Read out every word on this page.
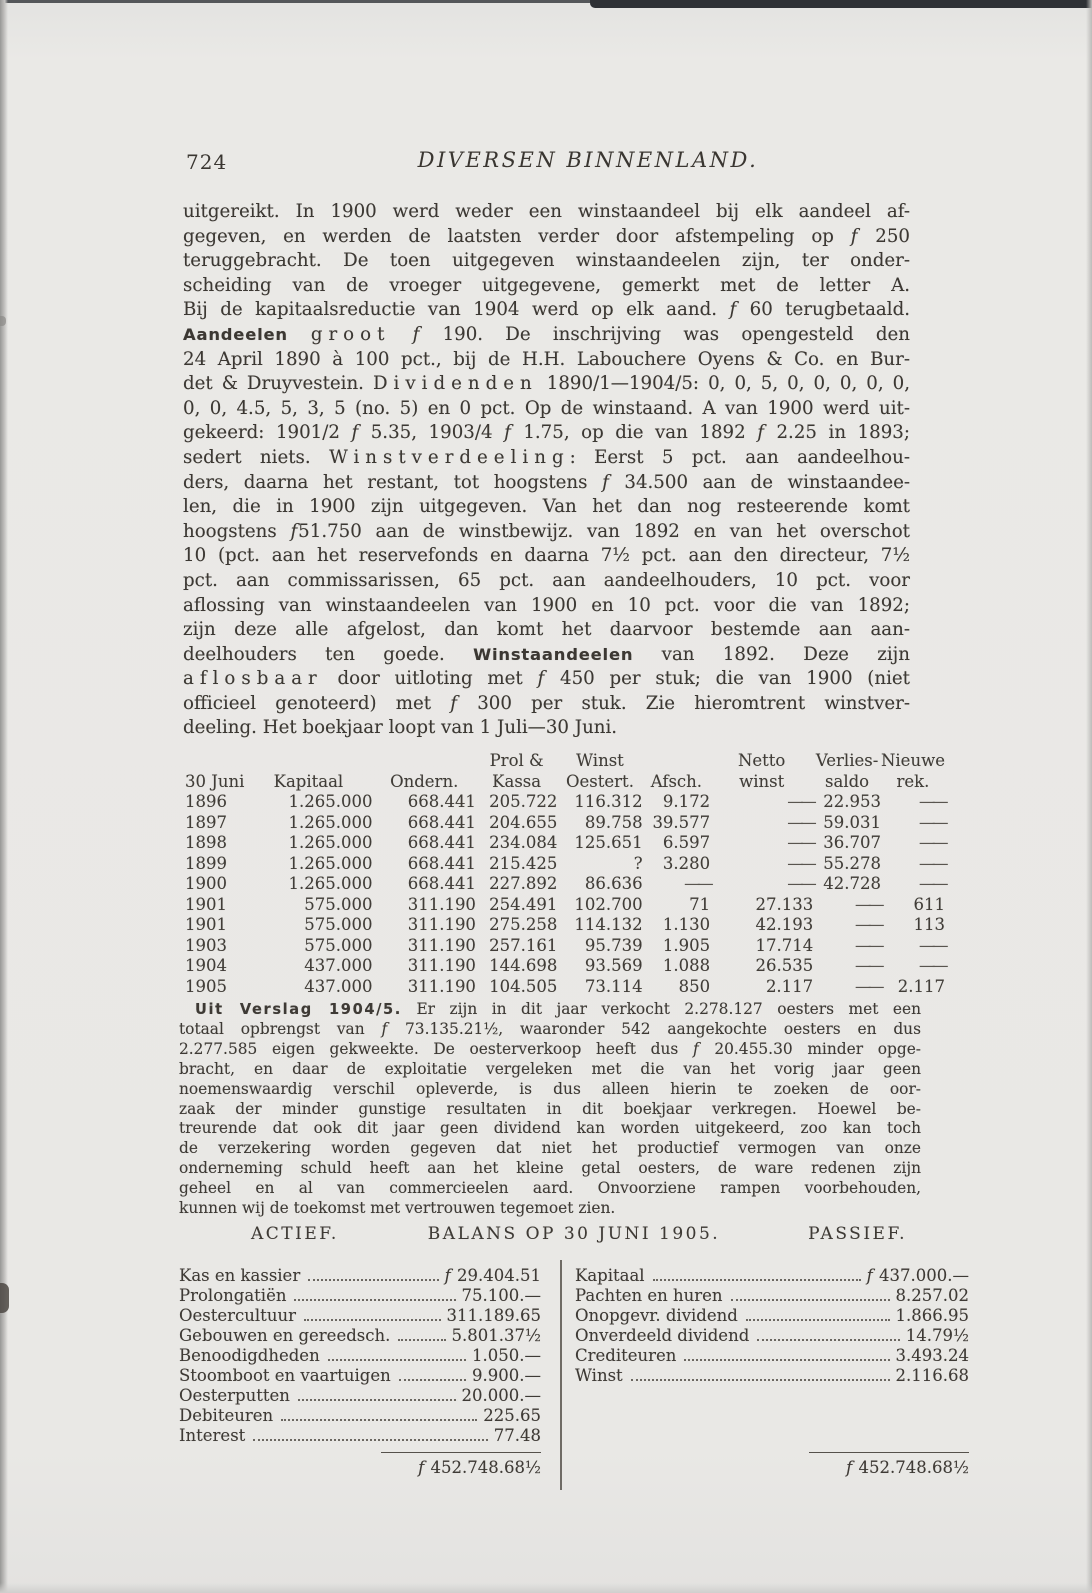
724	DIVERSEN BINNENLAND.
uitgereikt. In 1900 werd weder een winstaandeel bij elk aandeel af-
gegeven, en werden de laatsten verder door afstempeling op f 250
teruggebracht. De toen uitgegeven winstaandeelen zijn, ter onder-
scheiding van de vroeger uitgegevene, gemerkt met de letter A.
Bij de kapitaalsreductie van 1904 werd op elk aand. f 60 terugbetaald.
Aandeelen groot f 190. De inschrijving was opengesteld den
24 April 1890 à 100 pct., bij de H.H. Labouchere Oyens & Co. en Bur-
det & Druyvestein. Dividenden 1890/1—1904/5: 0, 0, 5, 0, 0, 0, 0, 0,
0, 0, 4.5, 5, 3, 5 (no. 5) en 0 pct. Op de winstaand. A van 1900 werd uit-
gekeerd: 1901/2 f 5.35, 1903/4 f 1.75, op die van 1892 f 2.25 in 1893;
sedert niets. Winstverdeeling: Eerst 5 pct. aan aandeelhou-
ders, daarna het restant, tot hoogstens f 34.500 aan de winstaandee-
len, die in 1900 zijn uitgegeven. Van het dan nog resteerende komt
hoogstens f51.750 aan de winstbewijz. van 1892 en van het overschot
10 (pct. aan het reservefonds en daarna 7½ pct. aan den directeur, 7½
pct. aan commissarissen, 65 pct. aan aandeelhouders, 10 pct. voor
aflossing van winstaandeelen van 1900 en 10 pct. voor die van 1892;
zijn deze alle afgelost, dan komt het daarvoor bestemde aan aan-
deelhouders ten goede. Winstaandeelen van 1892. Deze zijn
aflosbaar door uitloting met f 450 per stuk; die van 1900 (niet
officieel genoteerd) met f 300 per stuk. Zie hieromtrent winstver-
deeling. Het boekjaar loopt van 1 Juli—30 Juni.
			Prol &	Winst		Netto	Verlies-	Nieuwe
30 Juni	Kapitaal	Ondern.	Kassa	Oestert.	Afsch.	winst	saldo	rek.
1896	1.265.000	668.441	205.722	116.312	9.172	——	22.953	——
1897	1.265.000	668.441	204.655	89.758	39.577	——	59.031	——
1898	1.265.000	668.441	234.084	125.651	6.597	——	36.707	——
1899	1.265.000	668.441	215.425	?	3.280	——	55.278	——
1900	1.265.000	668.441	227.892	86.636	——	——	42.728	——
1901	575.000	311.190	254.491	102.700	71	27.133	——	611
1901	575.000	311.190	275.258	114.132	1.130	42.193	——	113
1903	575.000	311.190	257.161	95.739	1.905	17.714	——	——
1904	437.000	311.190	144.698	93.569	1.088	26.535	——	——
1905	437.000	311.190	104.505	73.114	850	2.117	——	2.117
Uit Verslag 1904/5. Er zijn in dit jaar verkocht 2.278.127 oesters met een
totaal opbrengst van f 73.135.21½, waaronder 542 aangekochte oesters en dus
2.277.585 eigen gekweekte. De oesterverkoop heeft dus f 20.455.30 minder opge-
bracht, en daar de exploitatie vergeleken met die van het vorig jaar geen
noemenswaardig verschil opleverde, is dus alleen hierin te zoeken de oor-
zaak der minder gunstige resultaten in dit boekjaar verkregen. Hoewel be-
treurende dat ook dit jaar geen dividend kan worden uitgekeerd, zoo kan toch
de verzekering worden gegeven dat niet het productief vermogen van onze
onderneming schuld heeft aan het kleine getal oesters, de ware redenen zijn
geheel en al van commercieelen aard. Onvoorziene rampen voorbehouden,
kunnen wij de toekomst met vertrouwen tegemoet zien.
ACTIEF.	BALANS OP 30 JUNI 1905.	PASSIEF.
Kas en kassier	f 29.404.51
Prolongatiën	75.100.—
Oestercultuur	311.189.65
Gebouwen en gereedsch.	5.801.37½
Benoodigdheden	1.050.—
Stoomboot en vaartuigen	9.900.—
Oesterputten	20.000.—
Debiteuren	225.65
Interest	77.48
Kapitaal	f 437.000.—
Pachten en huren	8.257.02
Onopgevr. dividend	1.866.95
Onverdeeld dividend	14.79½
Crediteuren	3.493.24
Winst	2.116.68
f 452.748.68½	f 452.748.68½
